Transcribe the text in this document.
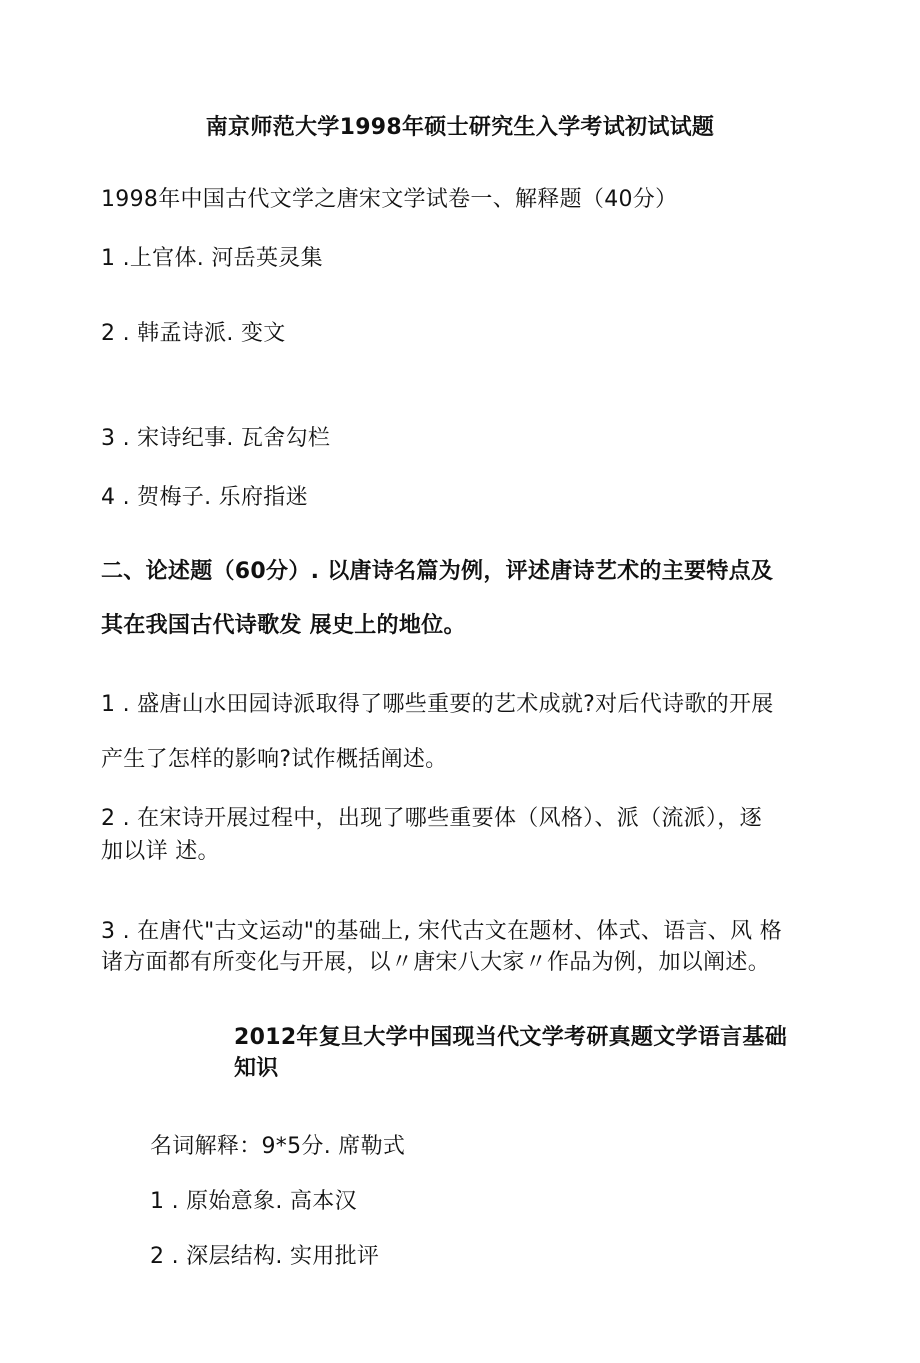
南京师范大学1998年硕士研究生入学考试初试试题
1998年中国古代文学之唐宋文学试卷一、解释题（40分）
1 .上官体. 河岳英灵集
2 . 韩孟诗派. 变文
3 . 宋诗纪事. 瓦舍勾栏
4 . 贺梅子. 乐府指迷
二、论述题（60分）. 以唐诗名篇为例，评述唐诗艺术的主要特点及
其在我国古代诗歌发 展史上的地位。
1 . 盛唐山水田园诗派取得了哪些重要的艺术成就?对后代诗歌的开展
产生了怎样的影响?试作概括阐述。
2 . 在宋诗开展过程中，出现了哪些重要体（风格）、派（流派），逐
加以详 述。
3 . 在唐代"古文运动"的基础上, 宋代古文在题材、体式、语言、风 格
诸方面都有所变化与开展，以〃唐宋八大家〃作品为例，加以阐述。
2012年复旦大学中国现当代文学考研真题文学语言基础
知识
名词解释：9*5分. 席勒式
1 . 原始意象. 高本汉
2 . 深层结构. 实用批评
